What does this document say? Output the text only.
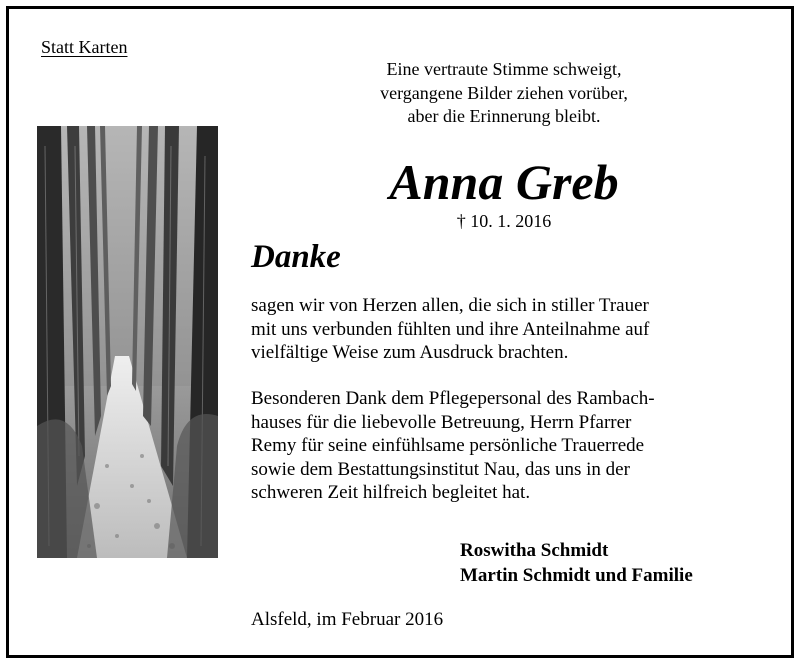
Statt Karten
Eine vertraute Stimme schweigt,
vergangene Bilder ziehen vorüber,
aber die Erinnerung bleibt.
Anna Greb
† 10. 1. 2016
Danke
sagen wir von Herzen allen, die sich in stiller Trauer
mit uns verbunden fühlten und ihre Anteilnahme auf
vielfältige Weise zum Ausdruck brachten.
Besonderen Dank dem Pflegepersonal des Rambach-
hauses für die liebevolle Betreuung, Herrn Pfarrer
Remy für seine einfühlsame persönliche Trauerrede
sowie dem Bestattungsinstitut Nau, das uns in der
schweren Zeit hilfreich begleitet hat.
Roswitha Schmidt
Martin Schmidt und Familie
Alsfeld, im Februar 2016
